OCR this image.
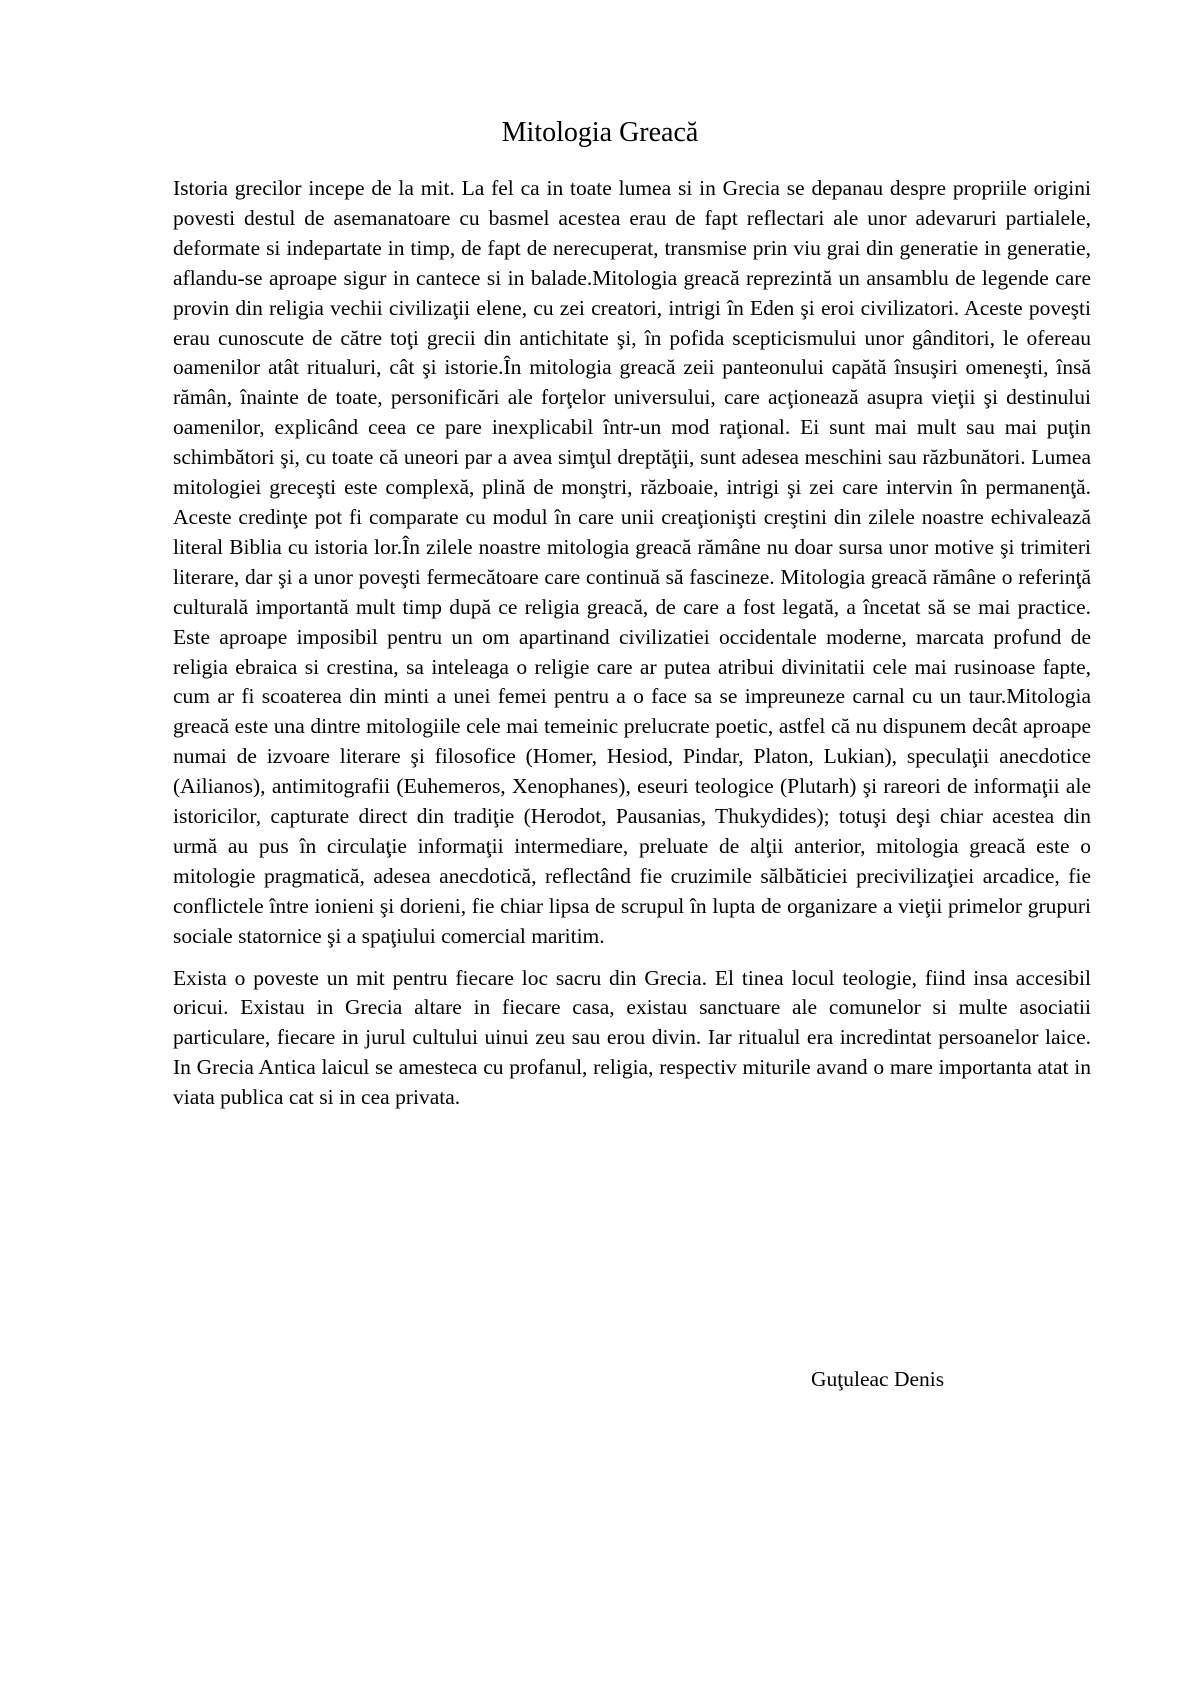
Mitologia Greacă

Istoria grecilor incepe de la mit. La fel ca in toate lumea si in Grecia se depanau despre propriile origini povesti destul de asemanatoare cu basmel acestea erau de fapt reflectari ale unor adevaruri partialele, deformate si indepartate in timp, de fapt de nerecuperat, transmise prin viu grai din generatie in generatie, aflandu-se aproape sigur in cantece si in balade.Mitologia greacă reprezintă un ansamblu de legende care provin din religia vechii civilizaţii elene, cu zei creatori, intrigi în Eden şi eroi civilizatori. Aceste poveşti erau cunoscute de către toţi grecii din antichitate şi, în pofida scepticismului unor gânditori, le ofereau oamenilor atât ritualuri, cât şi istorie.În mitologia greacă zeii panteonului capătă însuşiri omeneşti, însă rămân, înainte de toate, personificări ale forţelor universului, care acţionează asupra vieţii şi destinului oamenilor, explicând ceea ce pare inexplicabil într-un mod raţional. Ei sunt mai mult sau mai puţin schimbători şi, cu toate că uneori par a avea simţul dreptăţii, sunt adesea meschini sau răzbunători. Lumea mitologiei greceşti este complexă, plină de monştri, războaie, intrigi şi zei care intervin în permanenţă. Aceste credinţe pot fi comparate cu modul în care unii creaţionişti creştini din zilele noastre echivalează literal Biblia cu istoria lor.În zilele noastre mitologia greacă rămâne nu doar sursa unor motive şi trimiteri literare, dar şi a unor poveşti fermecătoare care continuă să fascineze. Mitologia greacă rămâne o referinţă culturală importantă mult timp după ce religia greacă, de care a fost legată, a încetat să se mai practice. Este aproape imposibil pentru un om apartinand civilizatiei occidentale moderne, marcata profund de religia ebraica si crestina, sa inteleaga o religie care ar putea atribui divinitatii cele mai rusinoase fapte, cum ar fi scoaterea din minti a unei femei pentru a o face sa se impreuneze carnal cu un taur.Mitologia greacă este una dintre mitologiile cele mai temeinic prelucrate poetic, astfel că nu dispunem decât aproape numai de izvoare literare şi filosofice (Homer, Hesiod, Pindar, Platon, Lukian), speculaţii anecdotice (Ailianos), antimitografii (Euhemeros, Xenophanes), eseuri teologice (Plutarh) şi rareori de informaţii ale istoricilor, capturate direct din tradiţie (Herodot, Pausanias, Thukydides); totuşi deşi chiar acestea din urmă au pus în circulaţie informaţii intermediare, preluate de alţii anterior, mitologia greacă este o mitologie pragmatică, adesea anecdotică, reflectând fie cruzimile sălbăticiei precivilizaţiei arcadice, fie conflictele între ionieni şi dorieni, fie chiar lipsa de scrupul în lupta de organizare a vieţii primelor grupuri sociale statornice şi a spaţiului comercial maritim.

Exista o poveste un mit pentru fiecare loc sacru din Grecia. El tinea locul teologie, fiind insa accesibil oricui. Existau in Grecia altare in fiecare casa, existau sanctuare ale comunelor si multe asociatii particulare, fiecare in jurul cultului uinui zeu sau erou divin. Iar ritualul era incredintat persoanelor laice. In Grecia Antica laicul se amesteca cu profanul, religia, respectiv miturile avand o mare importanta atat in viata publica cat si in cea privata.

Guţuleac Denis
